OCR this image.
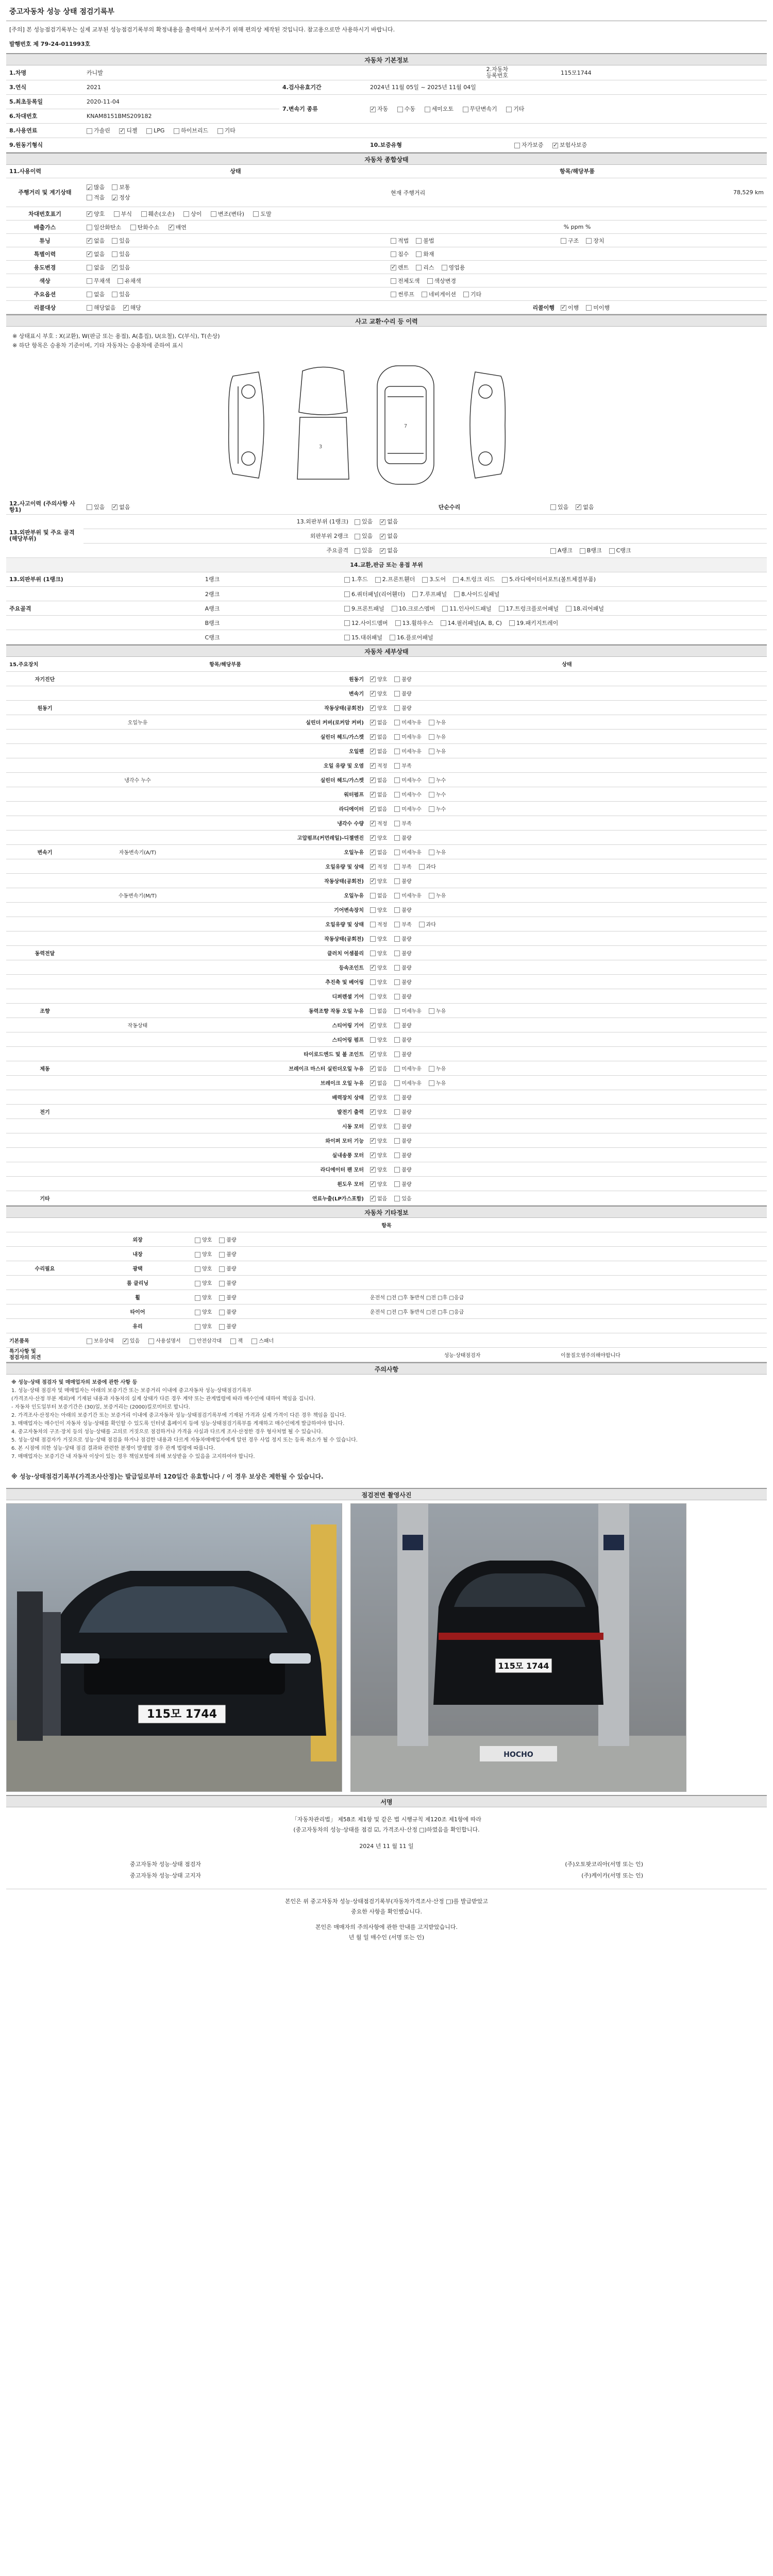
중고자동차 성능 상태 점검기록부
[주의] 본 성능점검기록부는 실제 교부된 성능점검기록부의 확정내용을 출력해서 보여주기 위해 편의상 제작된 것입니다. 참고용으로만 사용하시기 바랍니다.
발행번호 제 79-24-011993호
자동차 기본정보
1.차명	카니발		2.자동차
등록번호		115모1744
3.연식	2021	4.검사유효기간	2024년 11월 05일 ~ 2025년 11월 04일		
5.최초등록일	2020-11-04	7.변속기 종류	✓자동 수동 세미오토 무단변속기 기타
6.차대번호	KNAM8151BMS209182				
8.사용연료	가솔린 ✓ 디젤 LPG 하이브리드 기타
9.원동기형식			10.보증유형	자가보증 ✓ 보험사보증
자동차 종합상태
11.사용이력	상태	항목/해당부품	
주행거리 및 계기상태	✓많음 보통
적음 ✓ 정상	현재 주행거리	78,529 km
차대번호표기	✓양호 부식 훼손(오손) 상이 변조(변타) 도말
배출가스	일산화탄소 탄화수소 ✓ 매연	% ppm %	
튜닝	✓없음 있음	적법 불법	구조 장치
특별이력	✓없음 있음	침수 화재	
용도변경	없음 ✓ 있음	✓렌트 리스 영업용
색상	무채색 유채색	전체도색 색상변경	
주요옵션	없음 있음	썬루프 네비게이션 기타	
리콜대상	해당없음 ✓ 해당	리콜이행	✓이행 미이행
사고 교환·수리 등 이력
※ 상태표시 부호 : X(교환), W(판금 또는 용접), A(흠집), U(요철), C(부식), T(손상)
※ 하단 항목은 승용차 기준이며, 기타 자동차는 승용차에 준하여 표시
3
7
12.사고이력 (주의사항 사항1)	있음 ✓ 없음	단순수리	있음 ✓ 없음
13.외판부위 및 주요 골격 (해당부위)	13.외판부위 (1랭크)	있음 ✓ 없음
	외판부위 2랭크	있음 ✓ 없음
	주요골격	있음 ✓ 없음	A랭크 B랭크 C랭크
14.교환,판금 또는 용접 부위			
13.외판부위 (1랭크)	1랭크	1.후드 2.프론트휀더 3.도어 4.트렁크 리드 5.라디에이터서포트(볼트체결부품)
	2랭크	6.쿼터패널(리어휀더) 7.루프패널 8.사이드실패널
주요골격	A랭크	9.프론트패널 10.크로스멤버 11.인사이드패널 17.트렁크플로어패널 18.리어패널
	B랭크	12.사이드멤버 13.휠하우스 14.필러패널(A, B, C) 19.패키지트레이
	C랭크	15.대쉬패널 16.플로어패널
자동차 세부상태
15.주요장치	항목/해당부품		상태	
자기진단		원동기	✓양호 불량	
		변속기	✓양호 불량	
원동기		작동상태(공회전)	✓양호 불량	
	오일누유	실린더 커버(로커암 커버)	✓없음 미세누유 누유	
		실린더 헤드/가스켓	✓없음 미세누유 누유	
		오일팬	✓없음 미세누유 누유	
		오일 유량 및 오염	✓적정 부족	
	냉각수 누수	실린더 헤드/가스켓	✓없음 미세누수 누수	
		워터펌프	✓없음 미세누수 누수	
		라디에이터	✓없음 미세누수 누수	
		냉각수 수량	✓적정 부족	
		고압펌프(커먼레일)-디젤엔진	✓양호 불량	
변속기	자동변속기(A/T)	오일누유	✓없음 미세누유 누유	
		오일유량 및 상태	✓적정 부족 과다	
		작동상태(공회전)	✓양호 불량	
	수동변속기(M/T)	오일누유	없음 미세누유 누유	
		기어변속장치	양호 불량	
		오일유량 및 상태	적정 부족 과다	
		작동상태(공회전)	양호 불량	
동력전달		클러치 어셈블리	양호 불량	
		등속조인트	✓양호 불량	
		추진축 및 베어링	양호 불량	
		디퍼렌셜 기어	양호 불량	
조향		동력조향 작동 오일 누유	없음 미세누유 누유	
	작동상태	스티어링 기어	✓양호 불량	
		스티어링 펌프	양호 불량	
		타이로드엔드 및 볼 조인트	✓양호 불량	
제동		브레이크 마스터 실린더오일 누유	✓없음 미세누유 누유	
		브레이크 오일 누유	✓없음 미세누유 누유	
		배력장치 상태	✓양호 불량	
전기		발전기 출력	✓양호 불량	
		시동 모터	✓양호 불량	
		와이퍼 모터 기능	✓양호 불량	
		실내송풍 모터	✓양호 불량	
		라디에이터 팬 모터	✓양호 불량	
		윈도우 모터	✓양호 불량	
기타		연료누출(LP가스포함)	✓없음 있음	
자동차 기타정보
항목				
	외장	양호 불량		
	내장	양호 불량		
수리필요	광택	양호 불량		
	룸 클리닝	양호 불량		
	휠	양호 불량	운전석 □전 □후 동반석 □전 □후 □응급	
	타이어	양호 불량	운전석 □전 □후 동반석 □전 □후 □응급	
	유리	양호 불량		
기본품목	보유상태 ✓ 있음 사용설명서 안전삼각대 잭 스패너
특기사항 및
점검자의 의견			성능·상태점검자	이물질오염주의해야합니다
주의사항
※ 성능·상태 점검자 및 매매업자의 보증에 관한 사항 등
1. 성능·상태 점검자 및 매매업자는 아래의 보증기간 또는 보증거리 이내에 중고자동차 성능·상태점검기록부
(가격조사·산정 부분 제외)에 기재된 내용과 자동차의 실제 상태가 다른 경우 계약 또는 관계법령에 따라 매수인에 대하여 책임을 집니다.
- 자동차 인도일부터 보증기간은 (30)일, 보증거리는 (2000)킬로미터로 합니다.
2. 가격조사·산정자는 아래의 보증기간 또는 보증거리 이내에 중고자동차 성능·상태점검기록부에 기재된 가격과 실제 가격이 다른 경우 책임을 집니다.
3. 매매업자는 매수인이 자동차 성능·상태를 확인할 수 있도록 인터넷 홈페이지 등에 성능·상태점검기록부를 게재하고 매수인에게 발급하여야 합니다.
4. 중고자동차의 구조·장치 등의 성능·상태를 고의로 거짓으로 점검하거나 가격을 사실과 다르게 조사·산정한 경우 형사처벌 될 수 있습니다.
5. 성능·상태 점검자가 거짓으로 성능·상태 점검을 하거나 점검한 내용과 다르게 자동차매매업자에게 알린 경우 사업 정지 또는 등록 취소가 될 수 있습니다.
6. 본 시점에 의한 성능·상태 점검 결과와 관련한 분쟁이 발생할 경우 관계 법령에 따릅니다.
7. 매매업자는 보증기간 내 자동차 이상이 있는 경우 책임보험에 의해 보상받을 수 있음을 고지하여야 합니다.
※ 성능·상태점검기록부(가격조사산정)는 발급일로부터 120일간 유효합니다 / 이 경우 보상은 제한될 수 있습니다.
점검전면 촬영사진
115모 1744
115모 1744
HOCHO
서명
「자동차관리법」 제58조 제1항 및 같은 법 시행규칙 제120조 제1항에 따라
(중고자동차의 성능·상태를 점검 ☑, 가격조사·산정 □)하였음을 확인합니다.
2024 년 11 월 11 일
중고자동차 성능·상태 점검자	(주)오토팟코리아(서명 또는 인)
중고자동차 성능·상태 고지자	(주)케이카(서명 또는 인)
본인은 위 중고자동차 성능·상태점검기록부(자동차가격조사·산정 □)를 발급받았고
중요한 사항을 확인했습니다.
본인은 매매자의 주의사항에 관한 안내를 고지받았습니다.
년 월 일 매수인 (서명 또는 인)
